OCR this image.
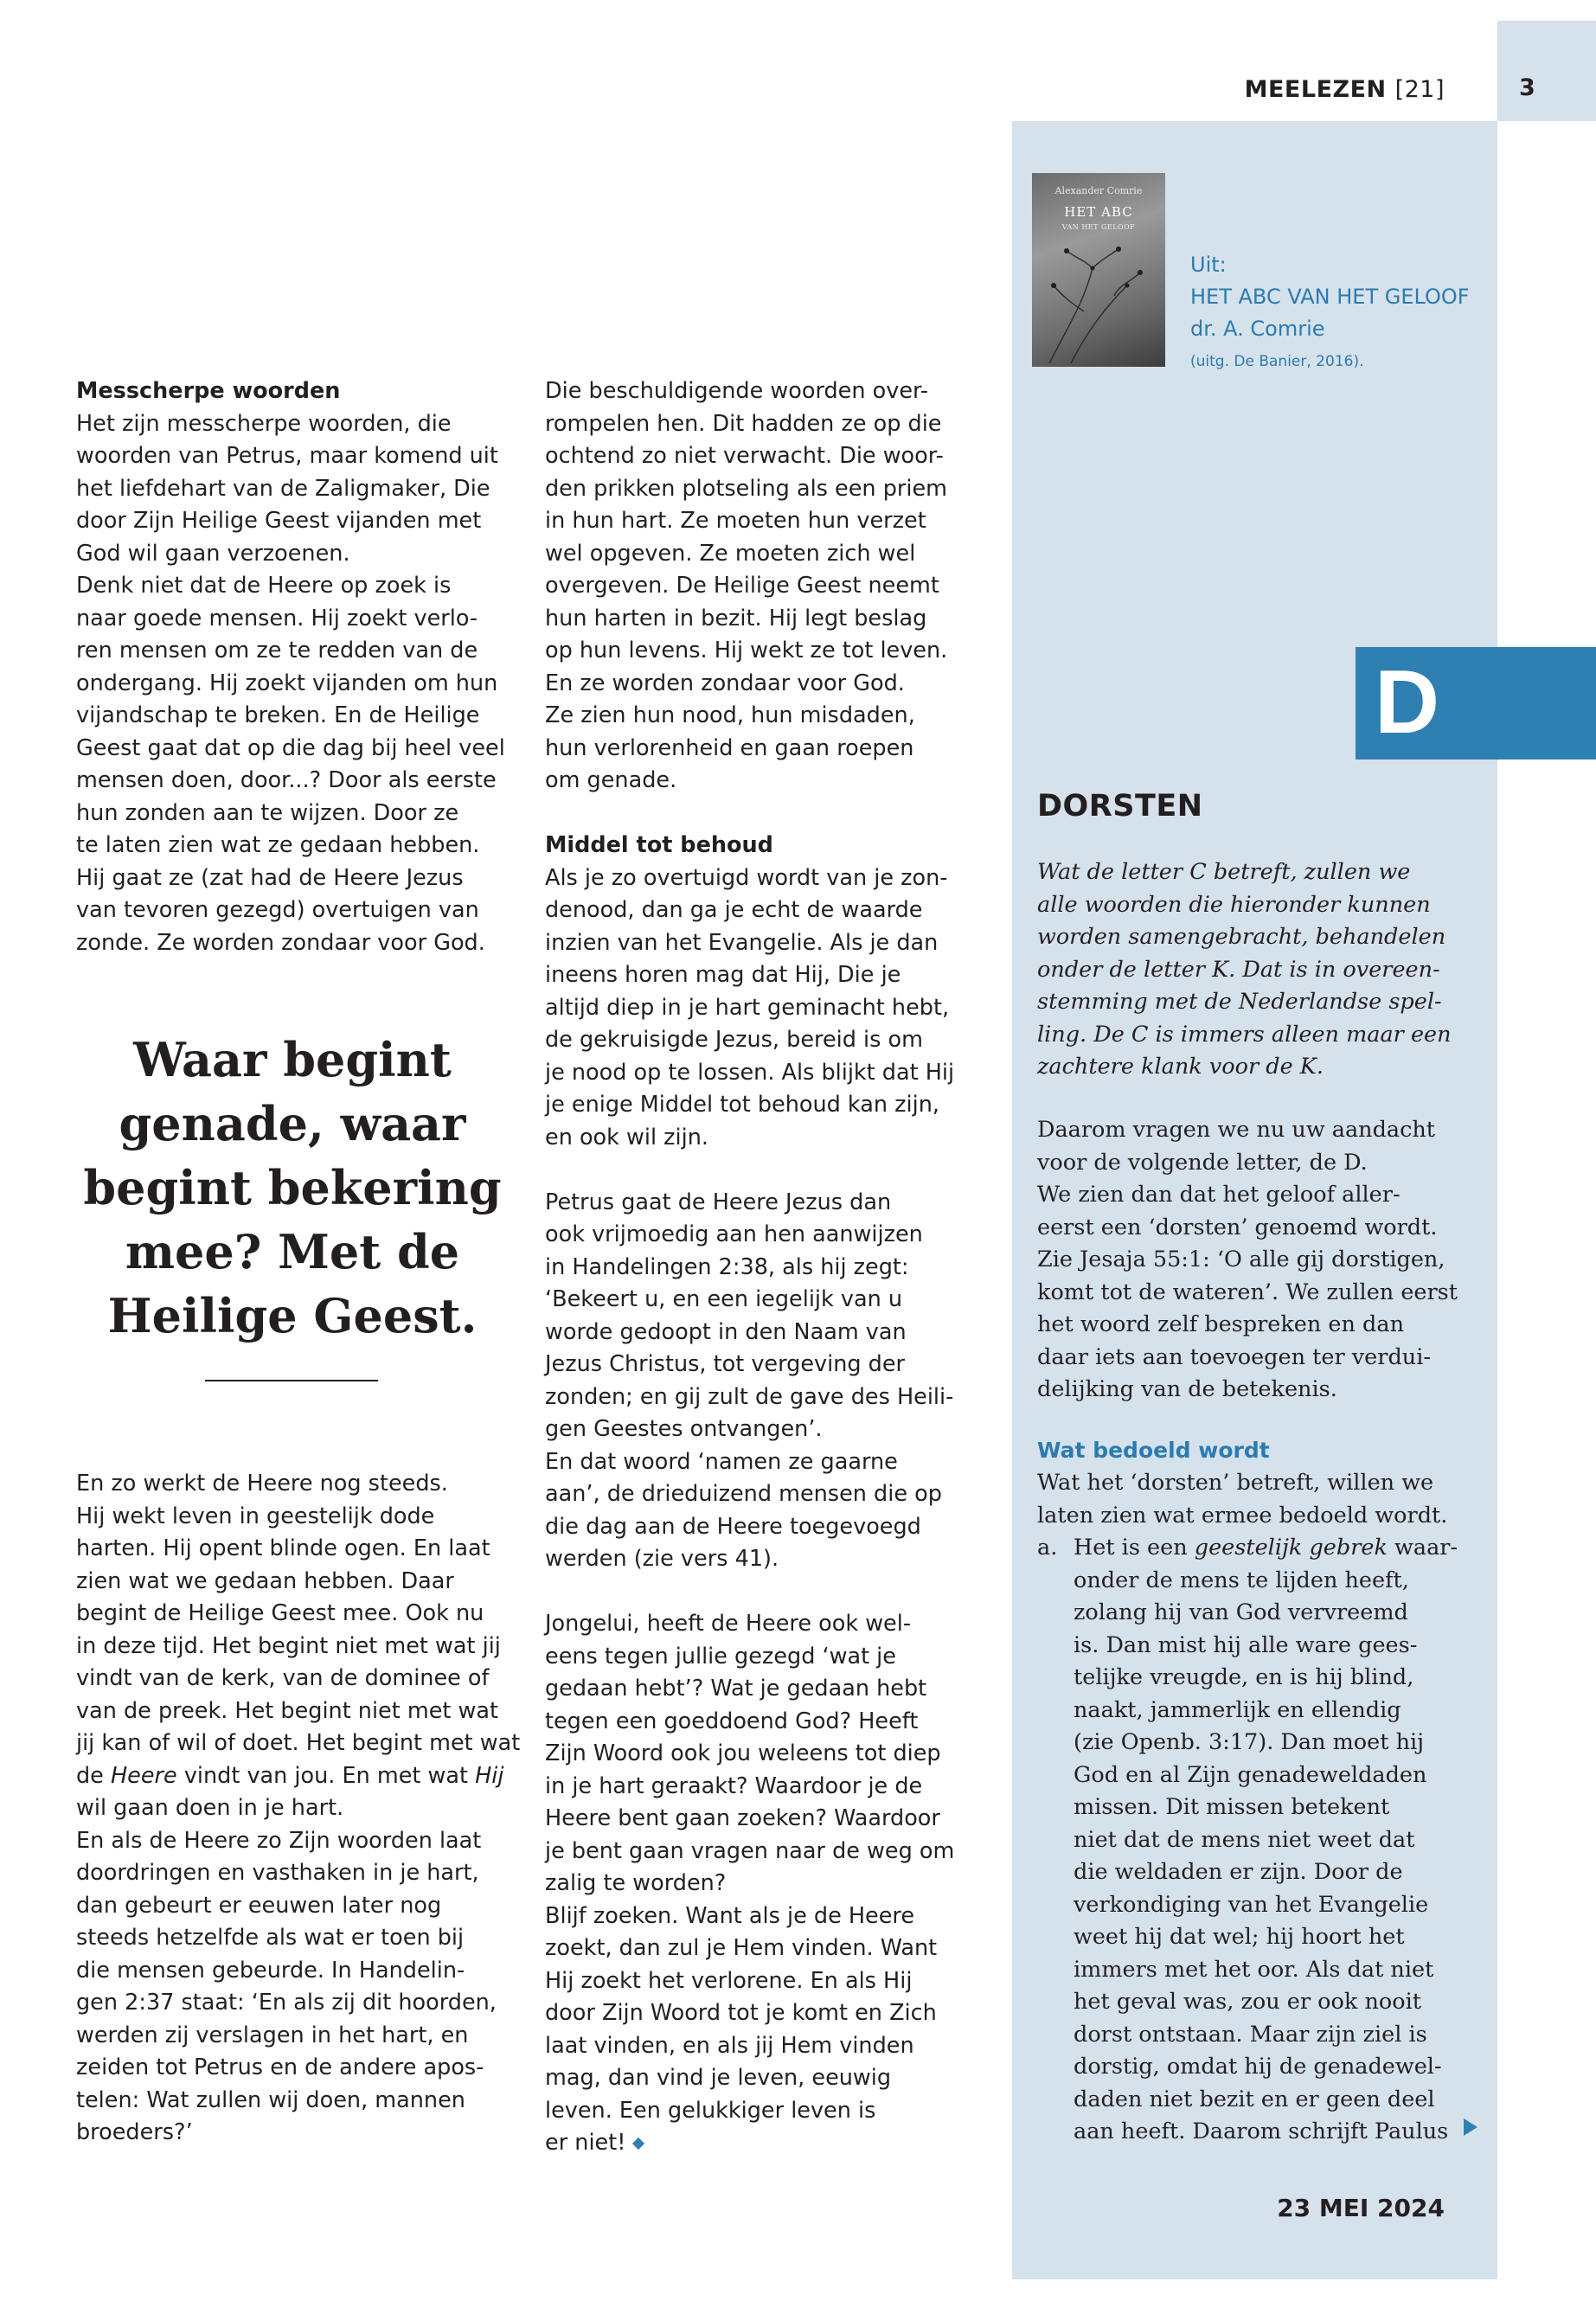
MEELEZEN [21]	3
Alexander Comrie
HET ABC
VAN HET GELOOF
Uit:
HET ABC VAN HET GELOOF
dr. A. Comrie
(uitg. De Banier, 2016).
D
DORSTEN
Wat de letter C betreft, zullen we
alle woorden die hieronder kunnen
worden samengebracht, behandelen
onder de letter K. Dat is in overeen-
stemming met de Nederlandse spel-
ling. De C is immers alleen maar een
zachtere klank voor de K.
Daarom vragen we nu uw aandacht
voor de volgende letter, de D.
We zien dan dat het geloof aller-
eerst een ‘dorsten’ genoemd wordt.
Zie Jesaja 55:1: ‘O alle gij dorstigen,
komt tot de wateren’. We zullen eerst
het woord zelf bespreken en dan
daar iets aan toevoegen ter verdui-
delijking van de betekenis.
Wat bedoeld wordt
Wat het ‘dorsten’ betreft, willen we
laten zien wat ermee bedoeld wordt.
a. Het is een geestelijk gebrek waar-
onder de mens te lijden heeft,
zolang hij van God vervreemd
is. Dan mist hij alle ware gees-
telijke vreugde, en is hij blind,
naakt, jammerlijk en ellendig
(zie Openb. 3:17). Dan moet hij
God en al Zijn genadeweldaden
missen. Dit missen betekent
niet dat de mens niet weet dat
die weldaden er zijn. Door de
verkondiging van het Evangelie
weet hij dat wel; hij hoort het
immers met het oor. Als dat niet
het geval was, zou er ook nooit
dorst ontstaan. Maar zijn ziel is
dorstig, omdat hij de genadewel-
daden niet bezit en er geen deel
aan heeft. Daarom schrijft Paulus
23 MEI 2024
Messcherpe woorden
Het zijn messcherpe woorden, die
woorden van Petrus, maar komend uit
het liefdehart van de Zaligmaker, Die
door Zijn Heilige Geest vijanden met
God wil gaan verzoenen.
Denk niet dat de Heere op zoek is
naar goede mensen. Hij zoekt verlo-
ren mensen om ze te redden van de
ondergang. Hij zoekt vijanden om hun
vijandschap te breken. En de Heilige
Geest gaat dat op die dag bij heel veel
mensen doen, door...? Door als eerste
hun zonden aan te wijzen. Door ze
te laten zien wat ze gedaan hebben.
Hij gaat ze (zat had de Heere Jezus
van tevoren gezegd) overtuigen van
zonde. Ze worden zondaar voor God.
Waar begint
genade, waar
begint bekering
mee? Met de
Heilige Geest.
En zo werkt de Heere nog steeds.
Hij wekt leven in geestelijk dode
harten. Hij opent blinde ogen. En laat
zien wat we gedaan hebben. Daar
begint de Heilige Geest mee. Ook nu
in deze tijd. Het begint niet met wat jij
vindt van de kerk, van de dominee of
van de preek. Het begint niet met wat
jij kan of wil of doet. Het begint met wat
de Heere vindt van jou. En met wat Hij
wil gaan doen in je hart.
En als de Heere zo Zijn woorden laat
doordringen en vasthaken in je hart,
dan gebeurt er eeuwen later nog
steeds hetzelfde als wat er toen bij
die mensen gebeurde. In Handelin-
gen 2:37 staat: ‘En als zij dit hoorden,
werden zij verslagen in het hart, en
zeiden tot Petrus en de andere apos-
telen: Wat zullen wij doen, mannen
broeders?’
Die beschuldigende woorden over-
rompelen hen. Dit hadden ze op die
ochtend zo niet verwacht. Die woor-
den prikken plotseling als een priem
in hun hart. Ze moeten hun verzet
wel opgeven. Ze moeten zich wel
overgeven. De Heilige Geest neemt
hun harten in bezit. Hij legt beslag
op hun levens. Hij wekt ze tot leven.
En ze worden zondaar voor God.
Ze zien hun nood, hun misdaden,
hun verlorenheid en gaan roepen
om genade.
Middel tot behoud
Als je zo overtuigd wordt van je zon-
denood, dan ga je echt de waarde
inzien van het Evangelie. Als je dan
ineens horen mag dat Hij, Die je
altijd diep in je hart geminacht hebt,
de gekruisigde Jezus, bereid is om
je nood op te lossen. Als blijkt dat Hij
je enige Middel tot behoud kan zijn,
en ook wil zijn.
Petrus gaat de Heere Jezus dan
ook vrijmoedig aan hen aanwijzen
in Handelingen 2:38, als hij zegt:
‘Bekeert u, en een iegelijk van u
worde gedoopt in den Naam van
Jezus Christus, tot vergeving der
zonden; en gij zult de gave des Heili-
gen Geestes ontvangen’.
En dat woord ‘namen ze gaarne
aan’, de drieduizend mensen die op
die dag aan de Heere toegevoegd
werden (zie vers 41).
Jongelui, heeft de Heere ook wel-
eens tegen jullie gezegd ‘wat je
gedaan hebt’? Wat je gedaan hebt
tegen een goeddoend God? Heeft
Zijn Woord ook jou weleens tot diep
in je hart geraakt? Waardoor je de
Heere bent gaan zoeken? Waardoor
je bent gaan vragen naar de weg om
zalig te worden?
Blijf zoeken. Want als je de Heere
zoekt, dan zul je Hem vinden. Want
Hij zoekt het verlorene. En als Hij
door Zijn Woord tot je komt en Zich
laat vinden, en als jij Hem vinden
mag, dan vind je leven, eeuwig
leven. Een gelukkiger leven is
er niet!
